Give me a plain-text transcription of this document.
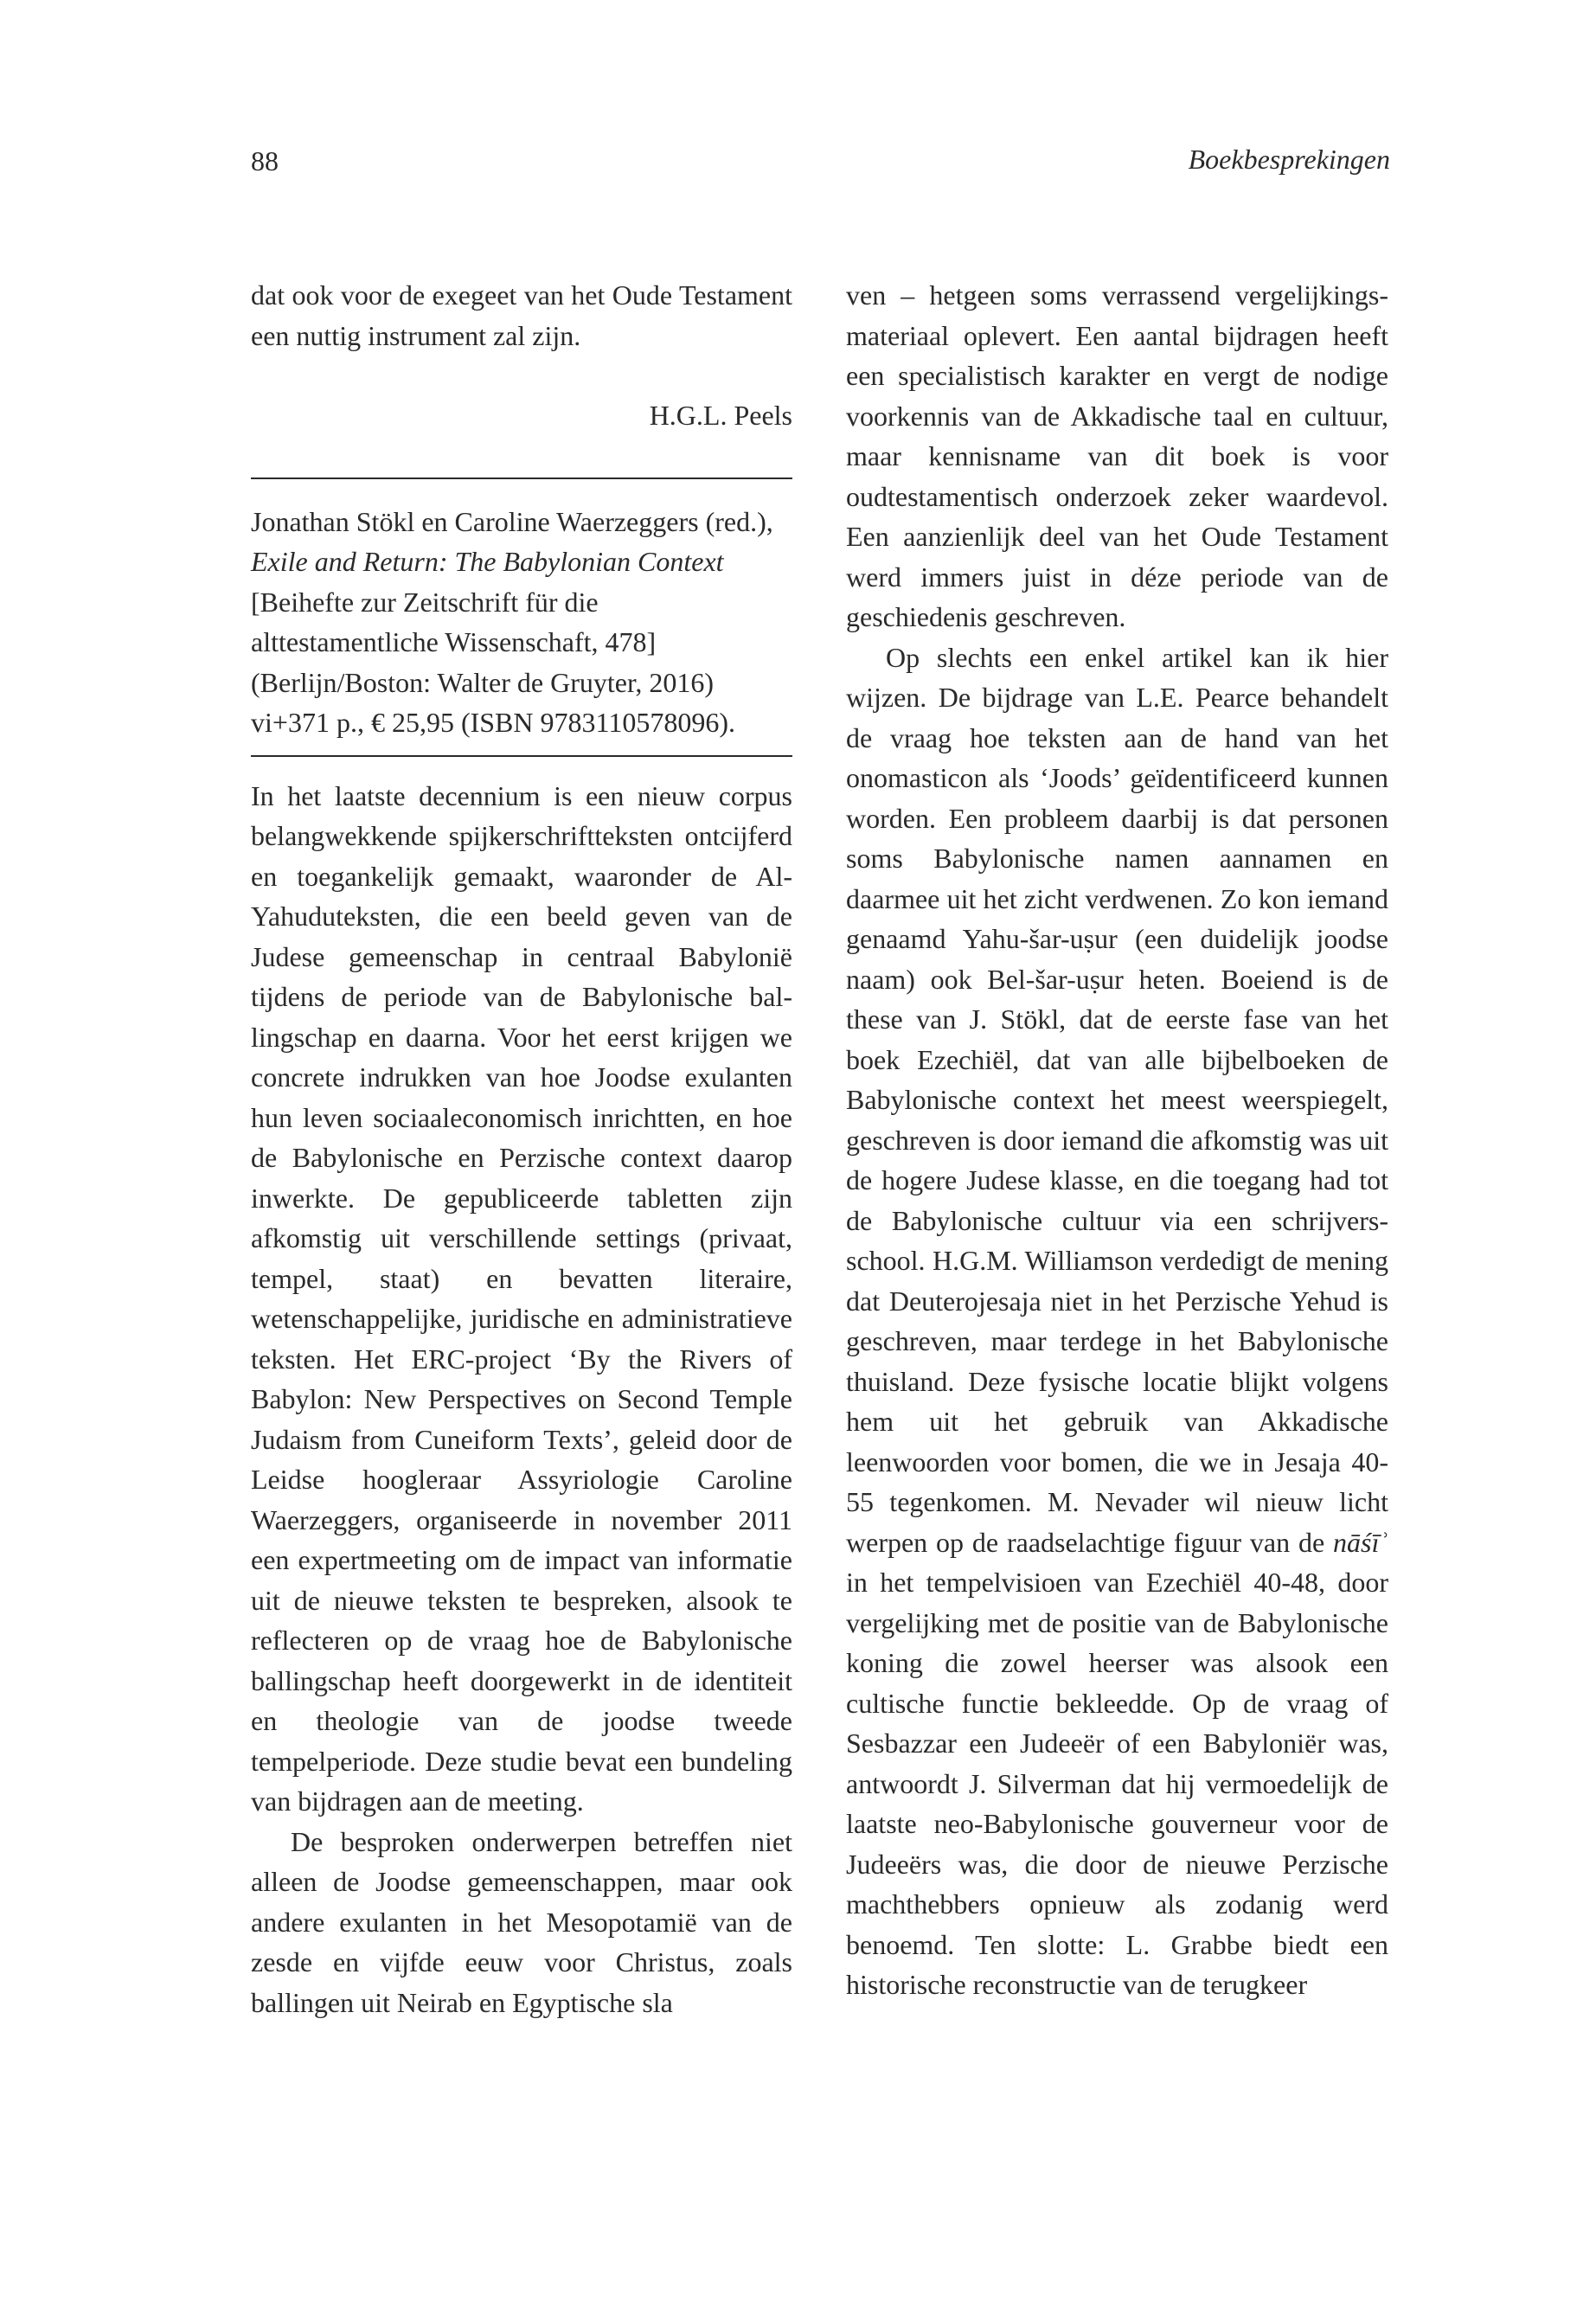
88	Boekbesprekingen

dat ook voor de exegeet van het Oude Testament een nuttig instrument zal zijn.

H.G.L. Peels

Jonathan Stökl en Caroline Waerzeggers (red.), Exile and Return: The Babylonian Context [Beihefte zur Zeitschrift für die alttestamentliche Wissenschaft, 478] (Berlijn/Boston: Walter de Gruyter, 2016) vi+371 p., € 25,95 (ISBN 9783110578096).

In het laatste decennium is een nieuw corpus belangwekkende spijkerschriftteksten ontcijferd en toegankelijk gemaakt, waaronder de Al-Yahuduteksten, die een beeld geven van de Judese gemeenschap in centraal Babylonië tijdens de periode van de Babylonische ballingschap en daarna. Voor het eerst krijgen we concrete indrukken van hoe Joodse exulanten hun leven sociaaleconomisch inrichtten, en hoe de Babylonische en Perzische context daarop inwerkte. De gepubliceerde tabletten zijn afkomstig uit verschillende settings (privaat, tempel, staat) en bevatten literaire, wetenschappelijke, juridische en administratieve teksten. Het ERC-project ‘By the Rivers of Babylon: New Perspectives on Second Temple Judaism from Cuneiform Texts’, geleid door de Leidse hoogleraar Assyriologie Caroline Waerzeggers, organiseerde in november 2011 een expertmeeting om de impact van informatie uit de nieuwe teksten te bespreken, alsook te reflecteren op de vraag hoe de Babylonische ballingschap heeft doorgewerkt in de identiteit en theologie van de joodse tweede tempelperiode. Deze studie bevat een bundeling van bijdragen aan de meeting.

De besproken onderwerpen betreffen niet alleen de Joodse gemeenschappen, maar ook andere exulanten in het Mesopotamië van de zesde en vijfde eeuw voor Christus, zoals ballingen uit Neirab en Egyptische sla

ven – hetgeen soms verrassend vergelijkingsmateriaal oplevert. Een aantal bijdragen heeft een specialistisch karakter en vergt de nodige voorkennis van de Akkadische taal en cultuur, maar kennisname van dit boek is voor oudtestamentisch onderzoek zeker waardevol. Een aanzienlijk deel van het Oude Testament werd immers juist in déze periode van de geschiedenis geschreven.

Op slechts een enkel artikel kan ik hier wijzen. De bijdrage van L.E. Pearce behandelt de vraag hoe teksten aan de hand van het onomasticon als ‘Joods’ geïdentificeerd kunnen worden. Een probleem daarbij is dat personen soms Babylonische namen aannamen en daarmee uit het zicht verdwenen. Zo kon iemand genaamd Yahu-šar-uṣur (een duidelijk joodse naam) ook Bel-šar-uṣur heten. Boeiend is de these van J. Stökl, dat de eerste fase van het boek Ezechiël, dat van alle bijbelboeken de Babylonische context het meest weerspiegelt, geschreven is door iemand die afkomstig was uit de hogere Judese klasse, en die toegang had tot de Babylonische cultuur via een schrijversschool. H.G.M. Williamson verdedigt de mening dat Deuterojesaja niet in het Perzische Yehud is geschreven, maar terdege in het Babylonische thuisland. Deze fysische locatie blijkt volgens hem uit het gebruik van Akkadische leenwoorden voor bomen, die we in Jesaja 40-55 tegenkomen. M. Nevader wil nieuw licht werpen op de raadselachtige figuur van de nāśīʾ in het tempelvisioen van Ezechiël 40-48, door vergelijking met de positie van de Babylonische koning die zowel heerser was alsook een cultische functie bekleedde. Op de vraag of Sesbazzar een Judeeër of een Babyloniër was, antwoordt J. Silverman dat hij vermoedelijk de laatste neo-Babylonische gouverneur voor de Judeeërs was, die door de nieuwe Perzische machthebbers opnieuw als zodanig werd benoemd. Ten slotte: L. Grabbe biedt een historische reconstructie van de terugkeer
